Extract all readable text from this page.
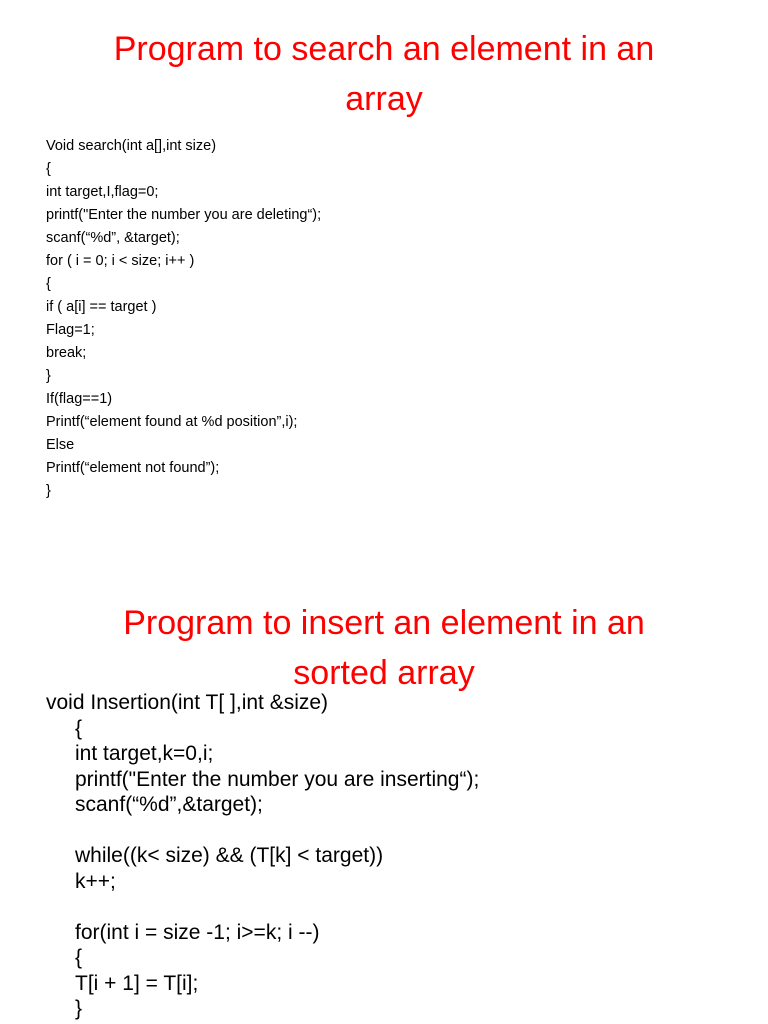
Program to search an element in an
array
Void search(int a[],int size)
{
int target,I,flag=0;
printf("Enter the number you are deleting“);
scanf(“%d”, &target);
for ( i = 0; i < size; i++ )
{
if ( a[i] == target )
Flag=1;
break;
}
If(flag==1)
Printf(“element found at %d position”,i);
Else
Printf(“element not found”);
}
Program to insert an element in an
sorted array
void Insertion(int T[ ],int &size)
{
int target,k=0,i;
printf("Enter the number you are inserting“);
scanf(“%d”,&target);
while((k< size) && (T[k] < target))
k++;
for(int i = size -1; i>=k; i --)
{
T[i + 1] = T[i];
}
